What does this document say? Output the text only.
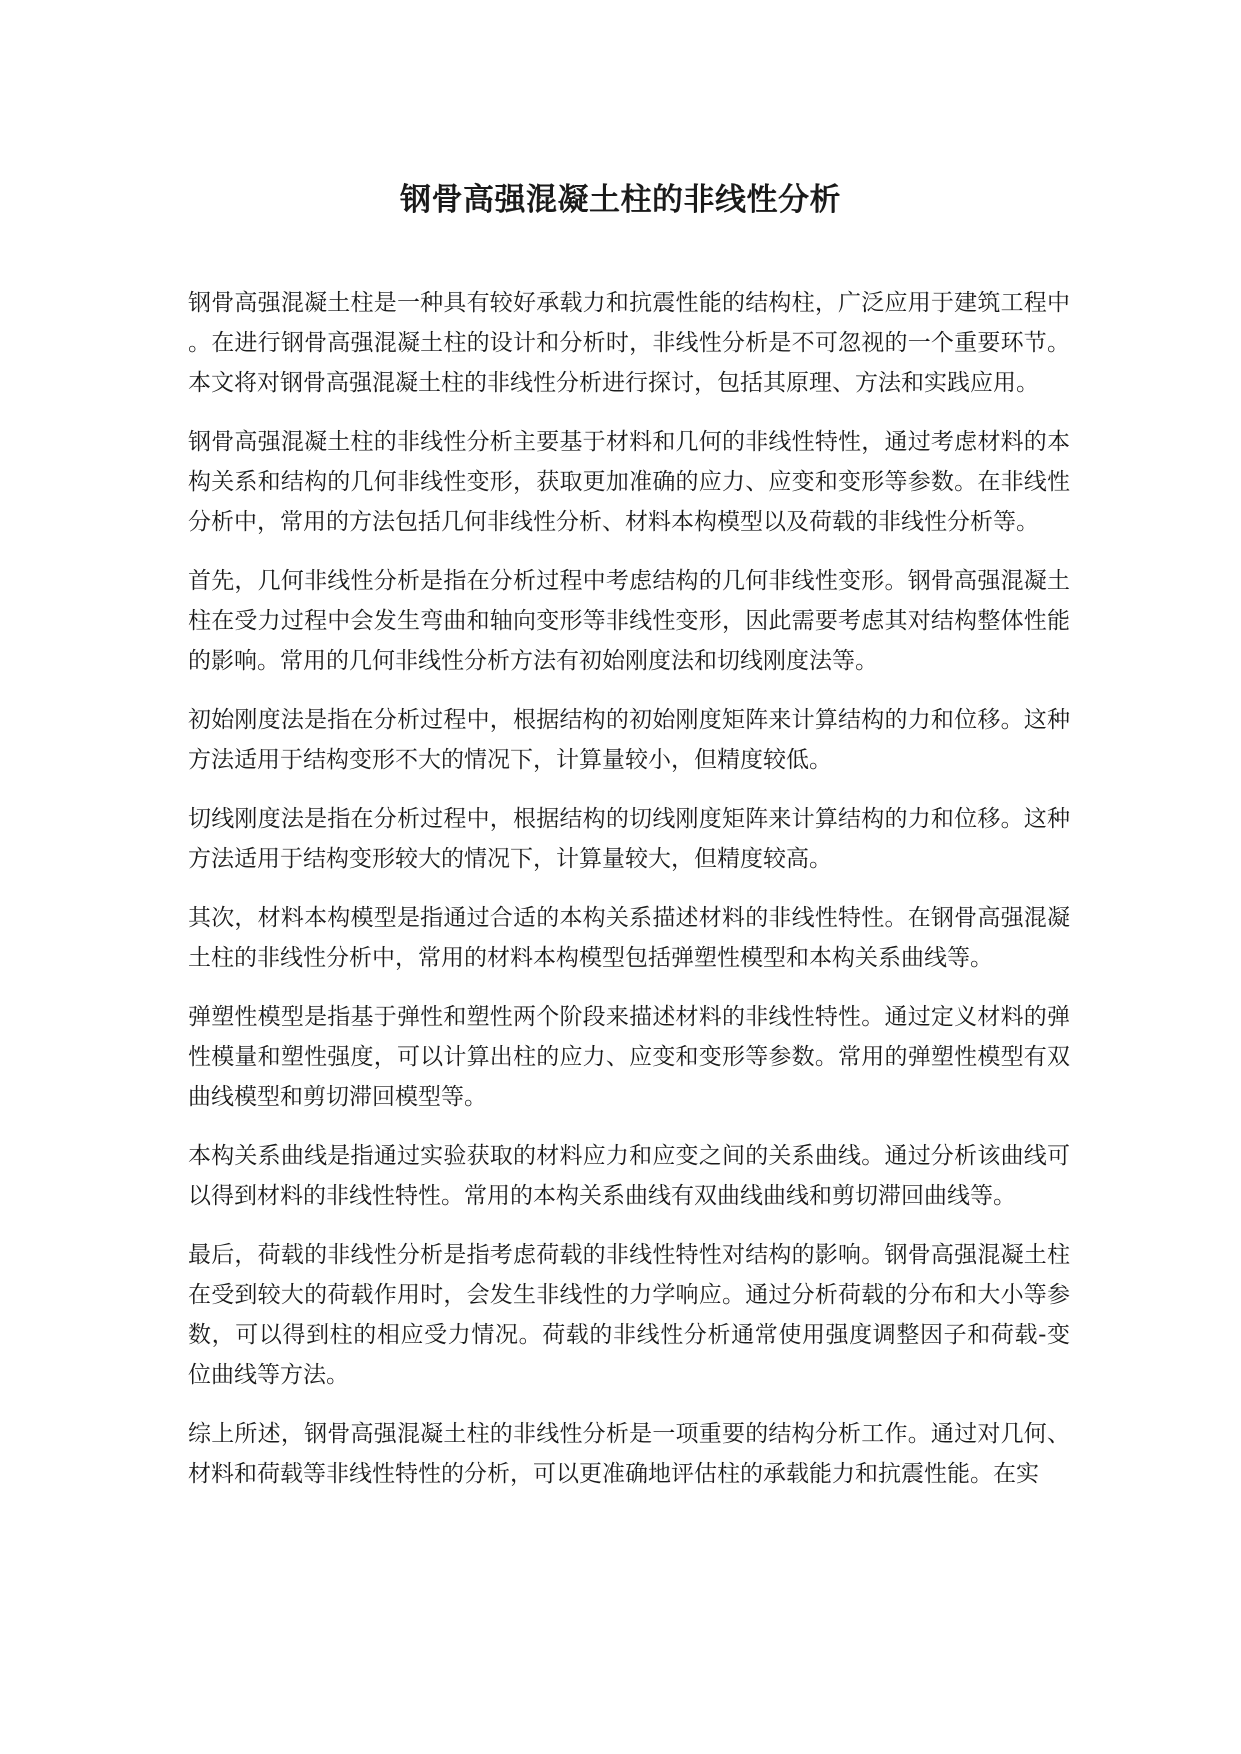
钢骨高强混凝土柱的非线性分析

钢骨高强混凝土柱是一种具有较好承载力和抗震性能的结构柱，广泛应用于建筑工程中。在进行钢骨高强混凝土柱的设计和分析时，非线性分析是不可忽视的一个重要环节。本文将对钢骨高强混凝土柱的非线性分析进行探讨，包括其原理、方法和实践应用。

钢骨高强混凝土柱的非线性分析主要基于材料和几何的非线性特性，通过考虑材料的本构关系和结构的几何非线性变形，获取更加准确的应力、应变和变形等参数。在非线性分析中，常用的方法包括几何非线性分析、材料本构模型以及荷载的非线性分析等。

首先，几何非线性分析是指在分析过程中考虑结构的几何非线性变形。钢骨高强混凝土柱在受力过程中会发生弯曲和轴向变形等非线性变形，因此需要考虑其对结构整体性能的影响。常用的几何非线性分析方法有初始刚度法和切线刚度法等。

初始刚度法是指在分析过程中，根据结构的初始刚度矩阵来计算结构的力和位移。这种方法适用于结构变形不大的情况下，计算量较小，但精度较低。

切线刚度法是指在分析过程中，根据结构的切线刚度矩阵来计算结构的力和位移。这种方法适用于结构变形较大的情况下，计算量较大，但精度较高。

其次，材料本构模型是指通过合适的本构关系描述材料的非线性特性。在钢骨高强混凝土柱的非线性分析中，常用的材料本构模型包括弹塑性模型和本构关系曲线等。

弹塑性模型是指基于弹性和塑性两个阶段来描述材料的非线性特性。通过定义材料的弹性模量和塑性强度，可以计算出柱的应力、应变和变形等参数。常用的弹塑性模型有双曲线模型和剪切滞回模型等。

本构关系曲线是指通过实验获取的材料应力和应变之间的关系曲线。通过分析该曲线可以得到材料的非线性特性。常用的本构关系曲线有双曲线曲线和剪切滞回曲线等。

最后，荷载的非线性分析是指考虑荷载的非线性特性对结构的影响。钢骨高强混凝土柱在受到较大的荷载作用时，会发生非线性的力学响应。通过分析荷载的分布和大小等参数，可以得到柱的相应受力情况。荷载的非线性分析通常使用强度调整因子和荷载-变位曲线等方法。

综上所述，钢骨高强混凝土柱的非线性分析是一项重要的结构分析工作。通过对几何、材料和荷载等非线性特性的分析，可以更准确地评估柱的承载能力和抗震性能。在实
